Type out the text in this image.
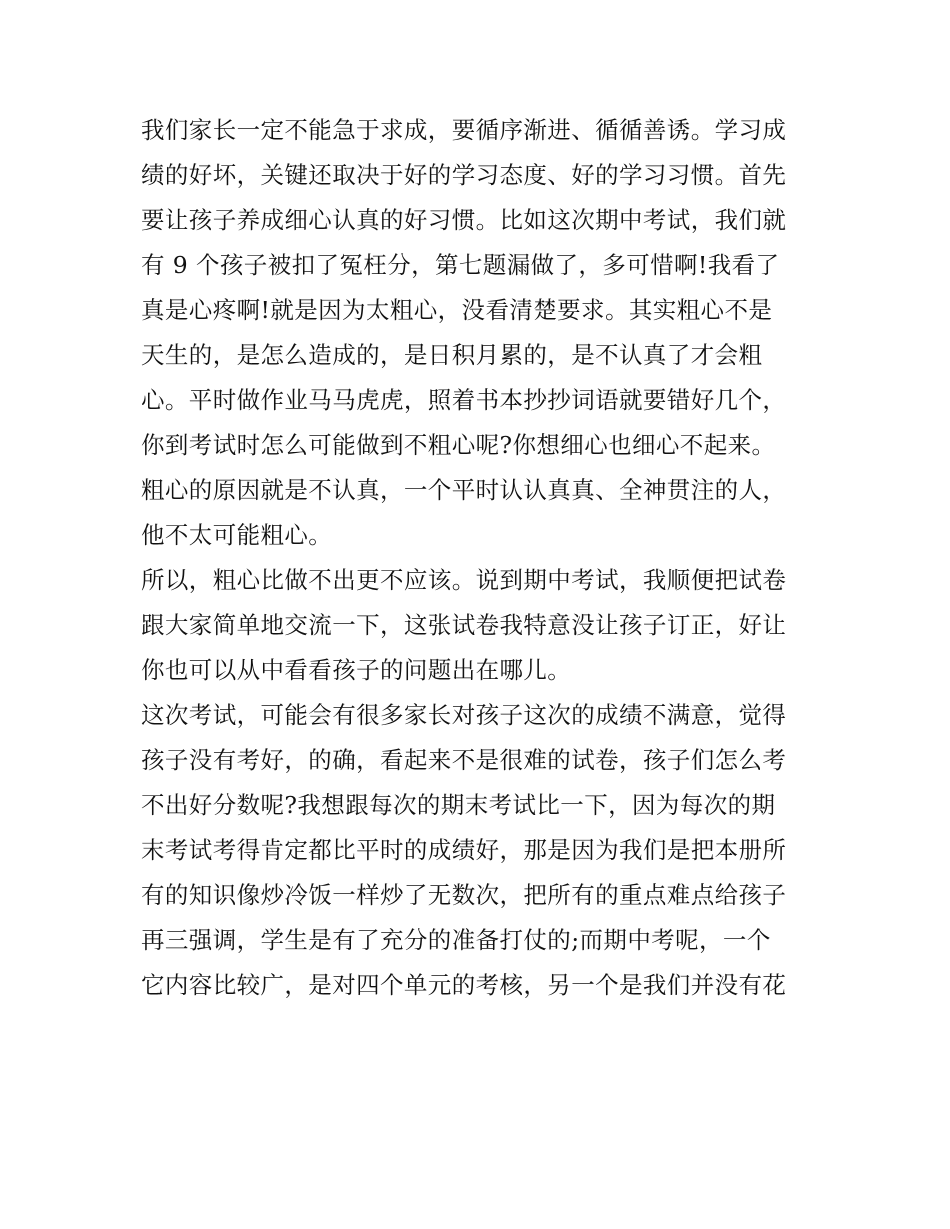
我们家长一定不能急于求成，要循序渐进、循循善诱。学习成
绩的好坏，关键还取决于好的学习态度、好的学习习惯。首先
要让孩子养成细心认真的好习惯。比如这次期中考试，我们就
有 9 个孩子被扣了冤枉分，第七题漏做了，多可惜啊!我看了
真是心疼啊!就是因为太粗心，没看清楚要求。其实粗心不是
天生的，是怎么造成的，是日积月累的，是不认真了才会粗
心。平时做作业马马虎虎，照着书本抄抄词语就要错好几个，
你到考试时怎么可能做到不粗心呢?你想细心也细心不起来。
粗心的原因就是不认真，一个平时认认真真、全神贯注的人，
他不太可能粗心。
所以，粗心比做不出更不应该。说到期中考试，我顺便把试卷
跟大家简单地交流一下，这张试卷我特意没让孩子订正，好让
你也可以从中看看孩子的问题出在哪儿。
这次考试，可能会有很多家长对孩子这次的成绩不满意，觉得
孩子没有考好，的确，看起来不是很难的试卷，孩子们怎么考
不出好分数呢?我想跟每次的期末考试比一下，因为每次的期
末考试考得肯定都比平时的成绩好，那是因为我们是把本册所
有的知识像炒冷饭一样炒了无数次，把所有的重点难点给孩子
再三强调，学生是有了充分的准备打仗的;而期中考呢，一个
它内容比较广，是对四个单元的考核，另一个是我们并没有花
